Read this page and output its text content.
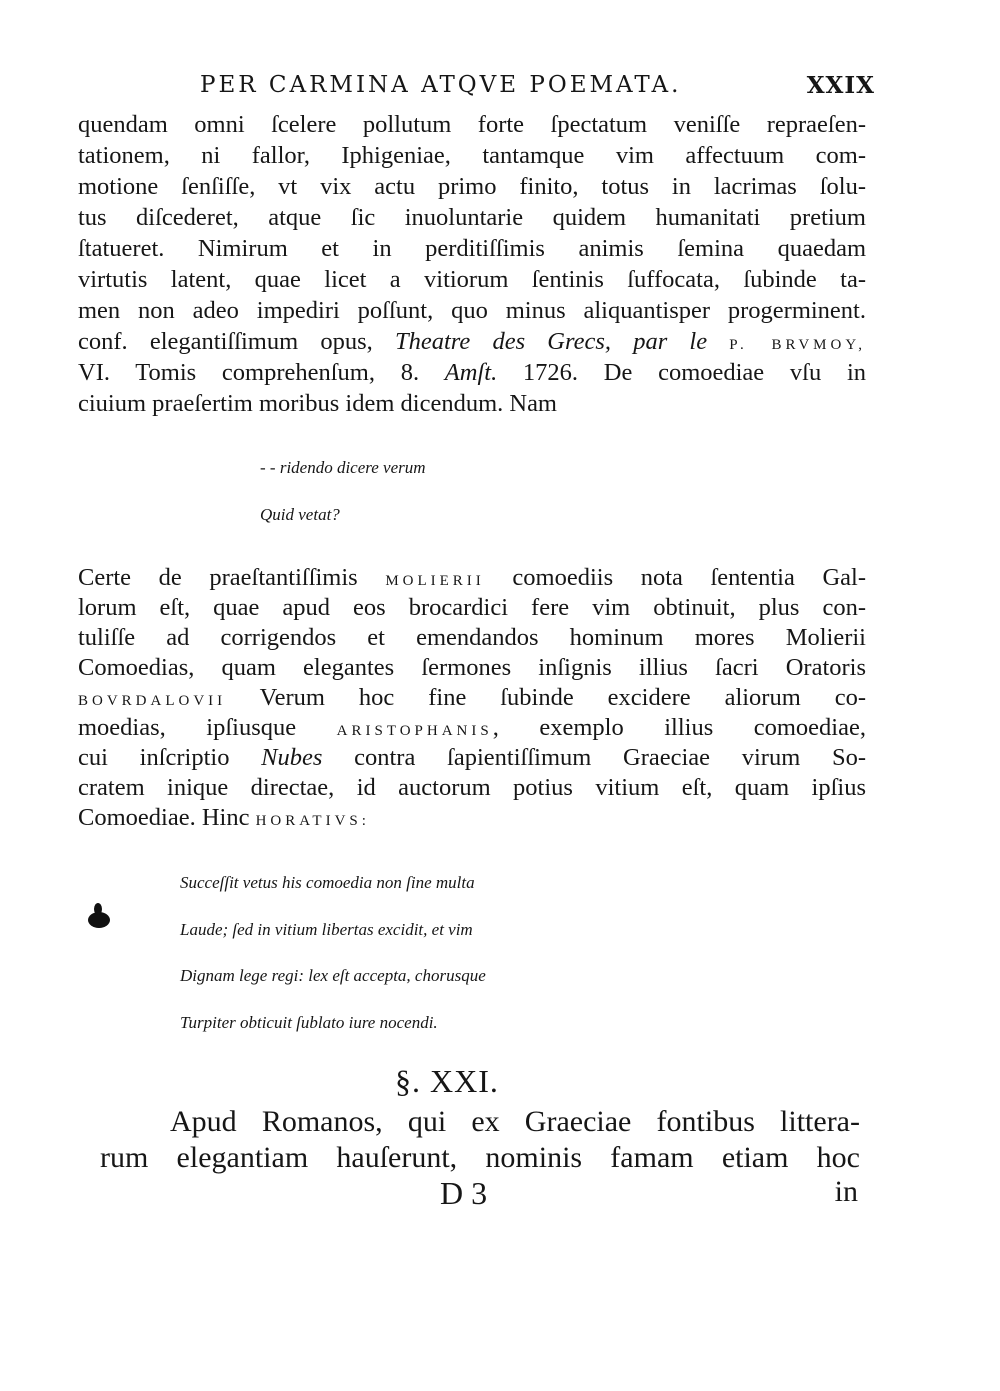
PER CARMINA ATQVE POEMATA.	XXIX
quendam omni ſcelere pollutum forte ſpectatum veniſſe repraeſen-
tationem, ni fallor, Iphigeniae, tantamque vim affectuum com-
motione ſenſiſſe, vt vix actu primo finito, totus in lacrimas ſolu-
tus diſcederet, atque ſic inuoluntarie quidem humanitati pretium
ſtatueret. Nimirum et in perditiſſimis animis ſemina quaedam
virtutis latent, quae licet a vitiorum ſentinis ſuffocata, ſubinde ta-
men non adeo impediri poſſunt, quo minus aliquantisper progerminent.
conf. elegantiſſimum opus, Theatre des Grecs, par le P. BRVMOY,
VI. Tomis comprehenſum, 8. Amſt. 1726. De comoediae vſu in
ciuium praeſertim moribus idem dicendum. Nam
- - ridendo dicere verum
Quid vetat?
Certe de praeſtantiſſimis MOLIERII comoediis nota ſententia Gal-
lorum eſt, quae apud eos brocardici fere vim obtinuit, plus con-
tuliſſe ad corrigendos et emendandos hominum mores Molierii
Comoedias, quam elegantes ſermones inſignis illius ſacri Oratoris
BOVRDALOVII Verum hoc fine ſubinde excidere aliorum co-
moedias, ipſiusque ARISTOPHANIS, exemplo illius comoediae,
cui inſcriptio Nubes contra ſapientiſſimum Graeciae virum So-
cratem inique directae, id auctorum potius vitium eſt, quam ipſius
Comoediae. Hinc HORATIVS:
Succeſſit vetus his comoedia non ſine multa
Laude; ſed in vitium libertas excidit, et vim
Dignam lege regi: lex eſt accepta, chorusque
Turpiter obticuit ſublato iure nocendi.
§. XXI.
Apud Romanos, qui ex Graeciae fontibus littera-
rum elegantiam hauſerunt, nominis famam etiam hoc
D 3	in
